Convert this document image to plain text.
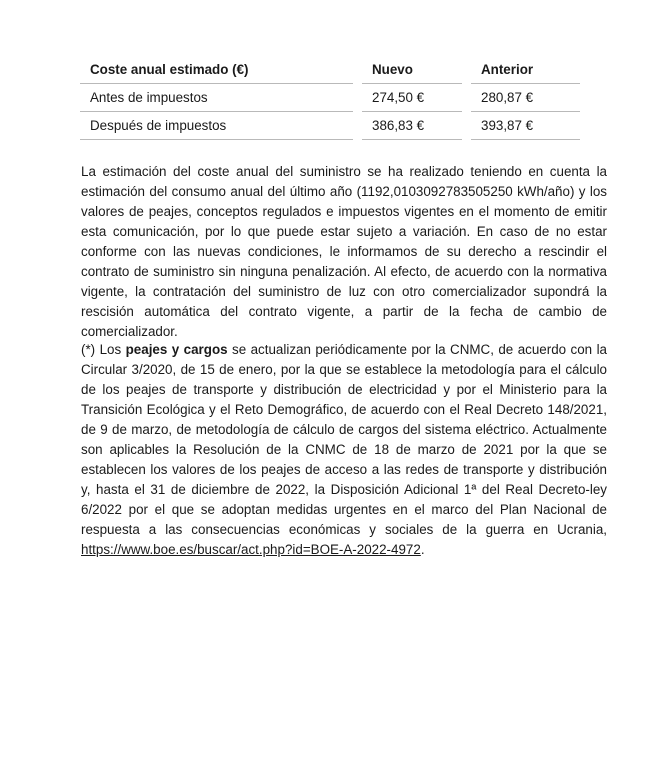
Coste anual estimado (€)		Nuevo		Anterior
Antes de impuestos		274,50 €		280,87 €
Después de impuestos		386,83 €		393,87 €

La estimación del coste anual del suministro se ha realizado teniendo en cuenta la estimación del consumo anual del último año (1192,0103092783505250 kWh/año) y los valores de peajes, conceptos regulados e impuestos vigentes en el momento de emitir esta comunicación, por lo que puede estar sujeto a variación. En caso de no estar conforme con las nuevas condiciones, le informamos de su derecho a rescindir el contrato de suministro sin ninguna penalización. Al efecto, de acuerdo con la normativa vigente, la contratación del suministro de luz con otro comercializador supondrá la rescisión automática del contrato vigente, a partir de la fecha de cambio de comercializador.

(*) Los peajes y cargos se actualizan periódicamente por la CNMC, de acuerdo con la Circular 3/2020, de 15 de enero, por la que se establece la metodología para el cálculo de los peajes de transporte y distribución de electricidad y por el Ministerio para la Transición Ecológica y el Reto Demográfico, de acuerdo con el Real Decreto 148/2021, de 9 de marzo, de metodología de cálculo de cargos del sistema eléctrico. Actualmente son aplicables la Resolución de la CNMC de 18 de marzo de 2021 por la que se establecen los valores de los peajes de acceso a las redes de transporte y distribución y, hasta el 31 de diciembre de 2022, la Disposición Adicional 1ª del Real Decreto-ley 6/2022 por el que se adoptan medidas urgentes en el marco del Plan Nacional de respuesta a las consecuencias económicas y sociales de la guerra en Ucrania, https://www.boe.es/buscar/act.php?id=BOE-A-2022-4972.
